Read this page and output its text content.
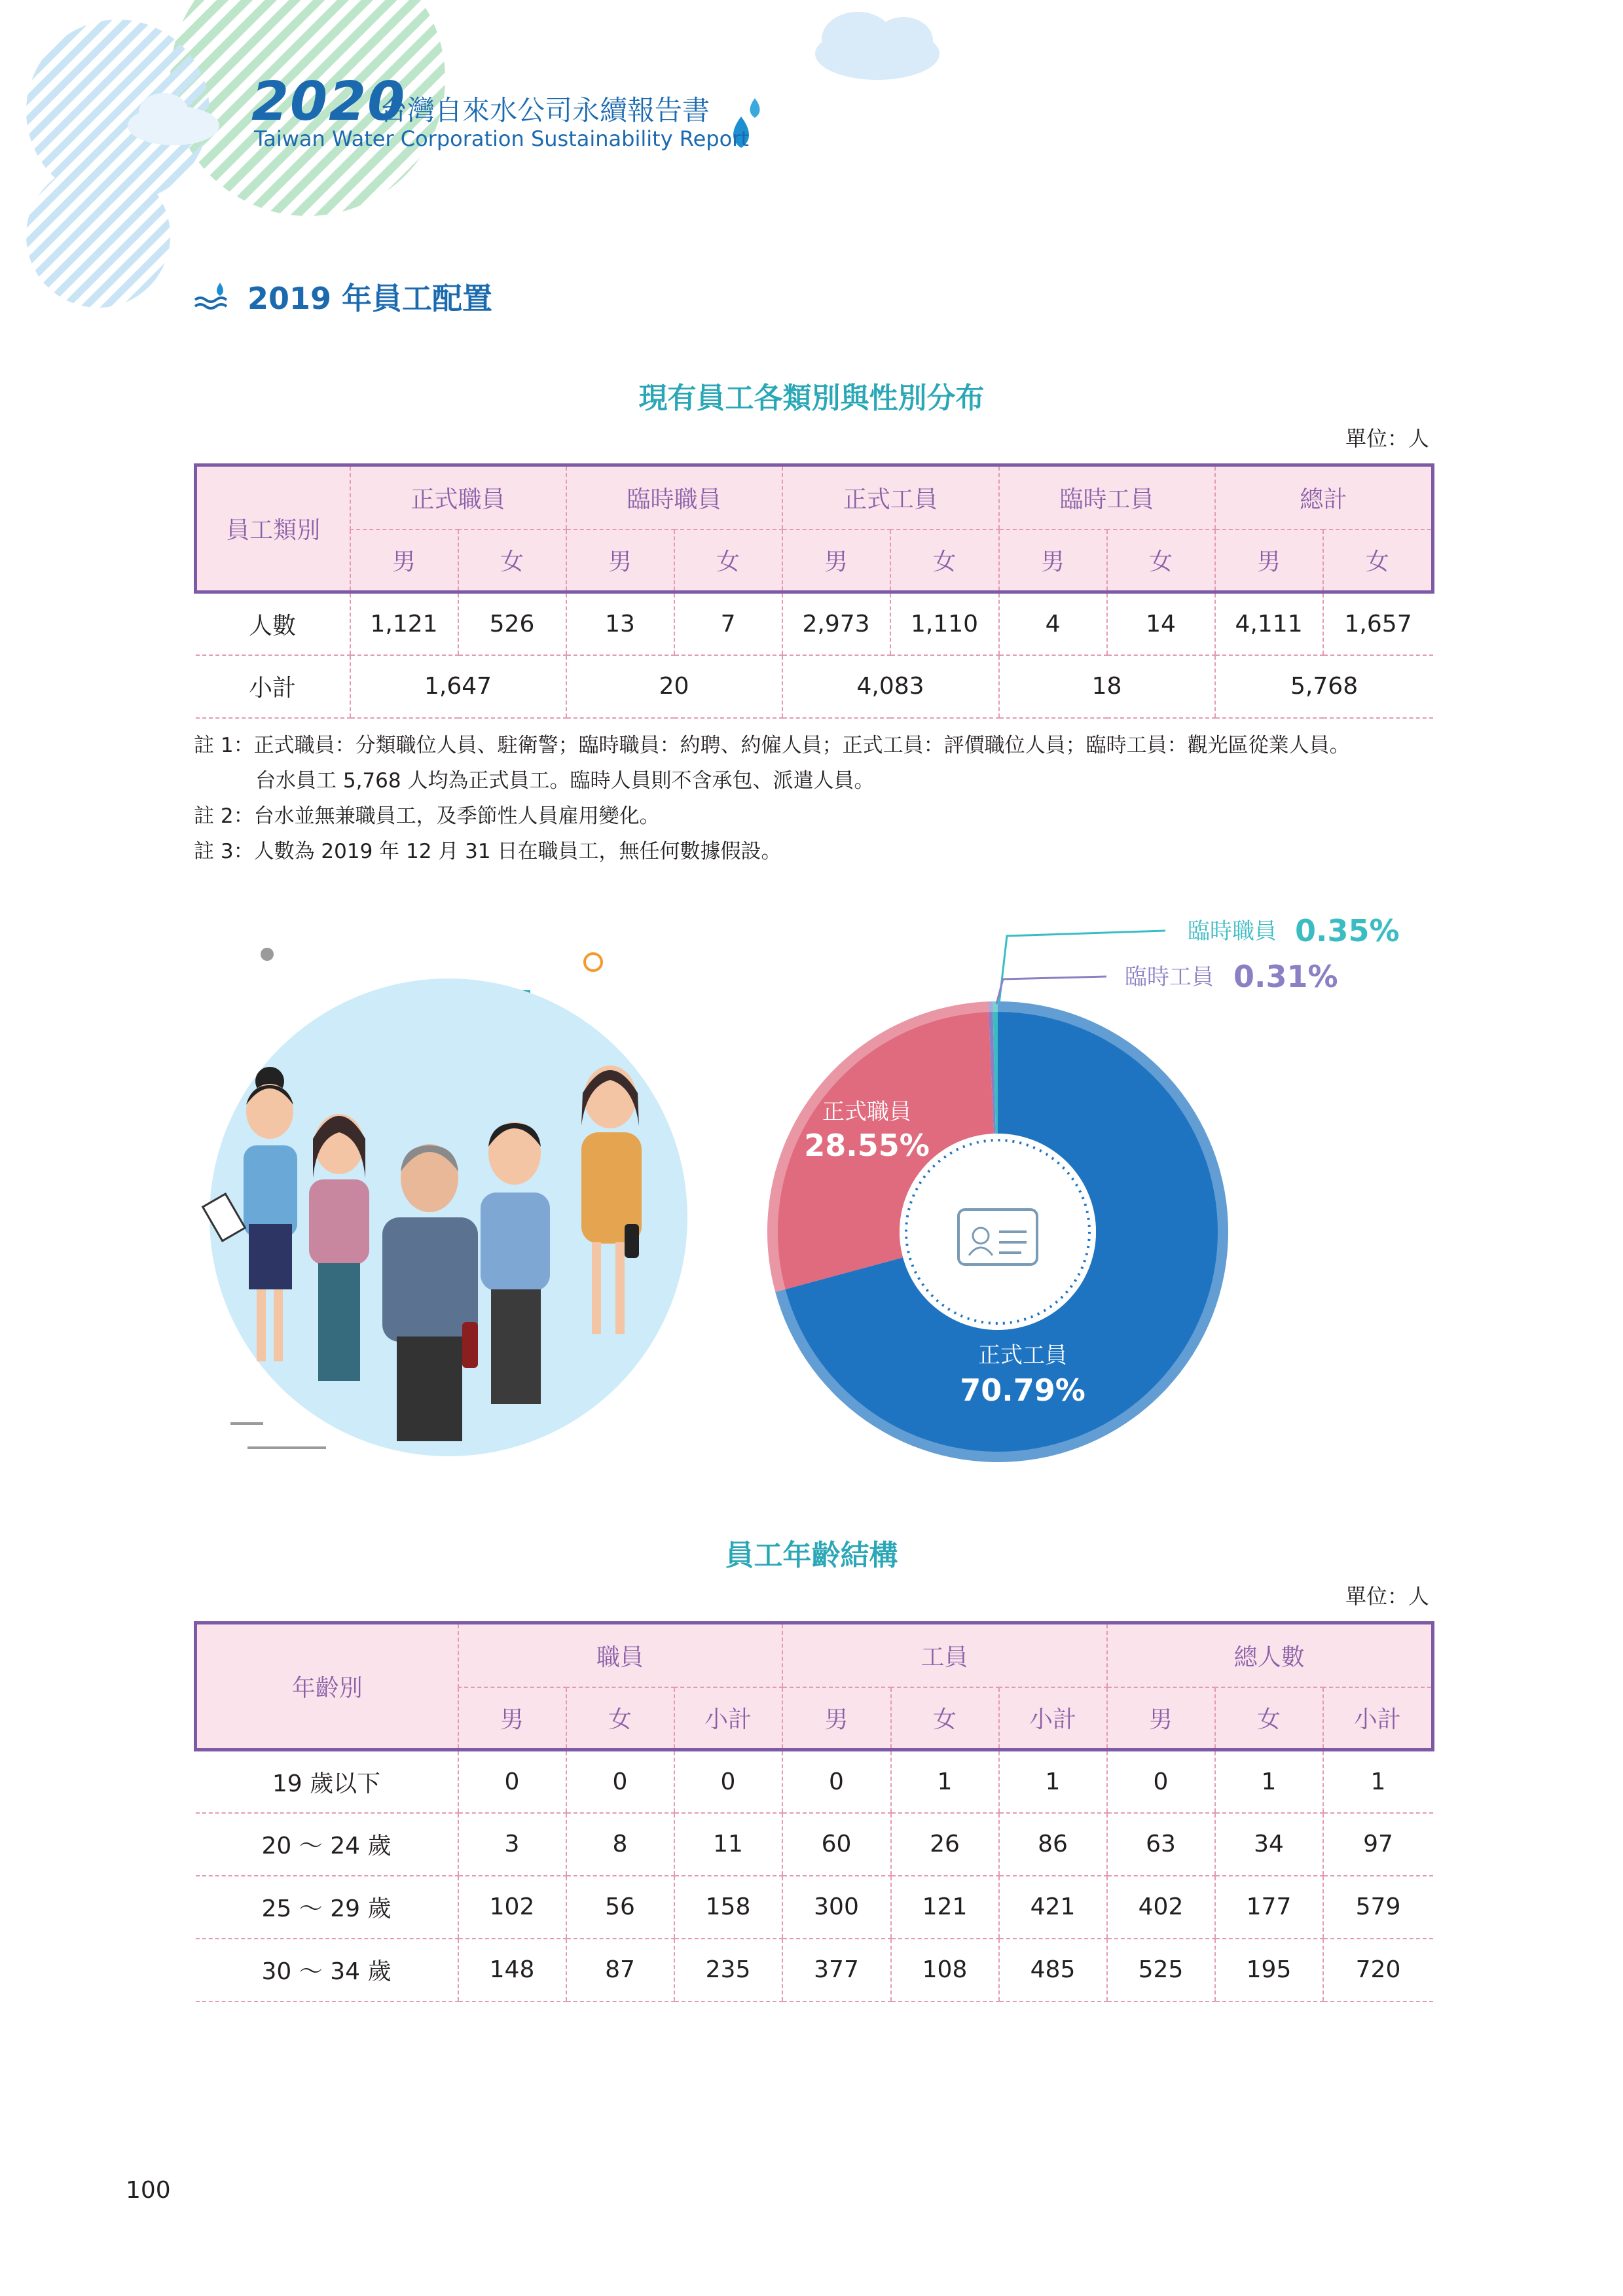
2020
台灣自來水公司永續報告書
Taiwan Water Corporation Sustainability Report
2019 年員工配置
現有員工各類別與性別分布
單位：人
員工類別	正式職員		臨時職員		正式工員		臨時工員		總計	
	男	女	男	女	男	女	男	女	男	女
人數	1,121	526	13	7	2,973	1,110	4	14	4,111	1,657
小計	1,647		20		4,083		18		5,768	
註 1：正式職員：分類職位人員、駐衛警；臨時職員：約聘、約僱人員；正式工員：評價職位人員；臨時工員：觀光區從業人員。
台水員工 5,768 人均為正式員工。臨時人員則不含承包、派遣人員。
註 2：台水並無兼職員工，及季節性人員雇用變化。
註 3：人數為 2019 年 12 月 31 日在職員工，無任何數據假設。
臨時職員 0.35%
臨時工員 0.31%
正式職員
28.55%
正式工員
70.79%
員工年齡結構
單位：人
年齡別	職員			工員			總人數		
	男	女	小計	男	女	小計	男	女	小計
19 歲以下	0	0	0	0	1	1	0	1	1
20 ～ 24 歲	3	8	11	60	26	86	63	34	97
25 ～ 29 歲	102	56	158	300	121	421	402	177	579
30 ～ 34 歲	148	87	235	377	108	485	525	195	720
100
